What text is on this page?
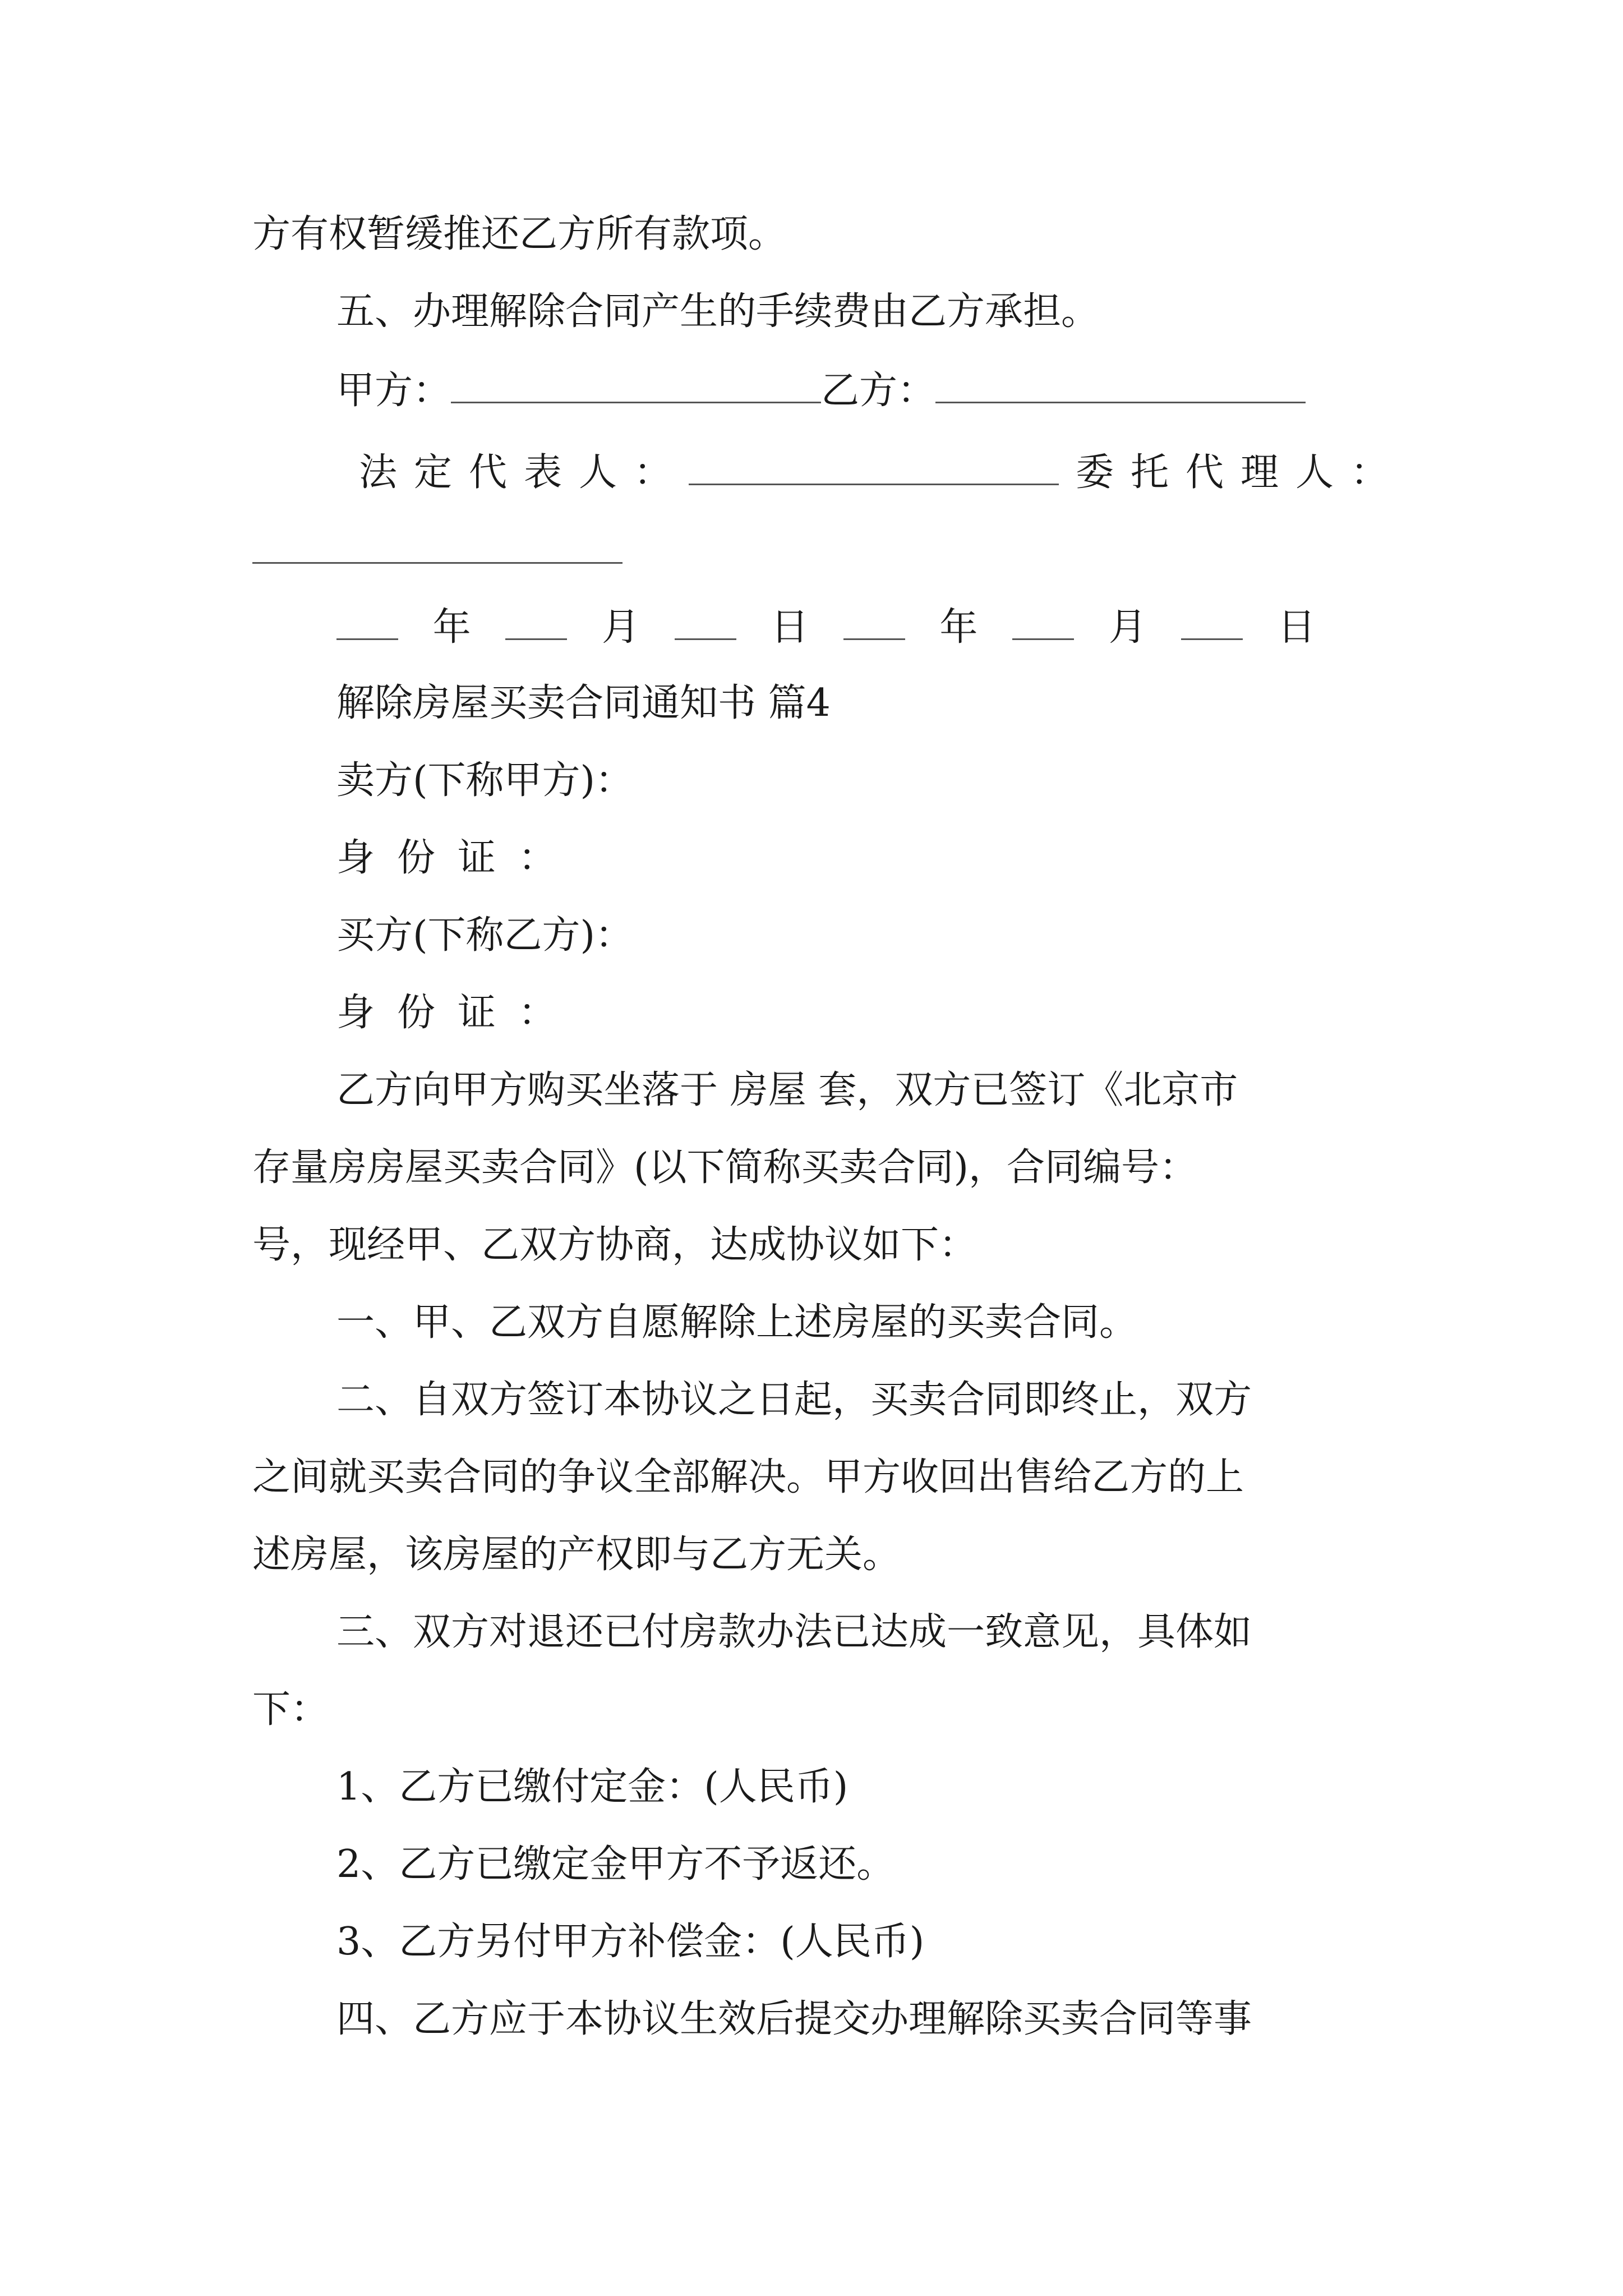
方有权暂缓推还乙方所有款项。
五、办理解除合同产生的手续费由乙方承担。
甲方：	乙方：
法定代表人：	委托代理人：
年	月	日	年	月	日
解除房屋买卖合同通知书 篇4
卖方(下称甲方)：
身份证：
买方(下称乙方)：
身份证：
乙方向甲方购买坐落于 房屋 套，双方已签订《北京市
存量房房屋买卖合同》(以下简称买卖合同)，合同编号：
号，现经甲、乙双方协商，达成协议如下：
一、甲、乙双方自愿解除上述房屋的买卖合同。
二、自双方签订本协议之日起，买卖合同即终止，双方
之间就买卖合同的争议全部解决。甲方收回出售给乙方的上
述房屋，该房屋的产权即与乙方无关。
三、双方对退还已付房款办法已达成一致意见，具体如
下：
1、乙方已缴付定金：(人民币)
2、乙方已缴定金甲方不予返还。
3、乙方另付甲方补偿金：(人民币)
四、乙方应于本协议生效后提交办理解除买卖合同等事
